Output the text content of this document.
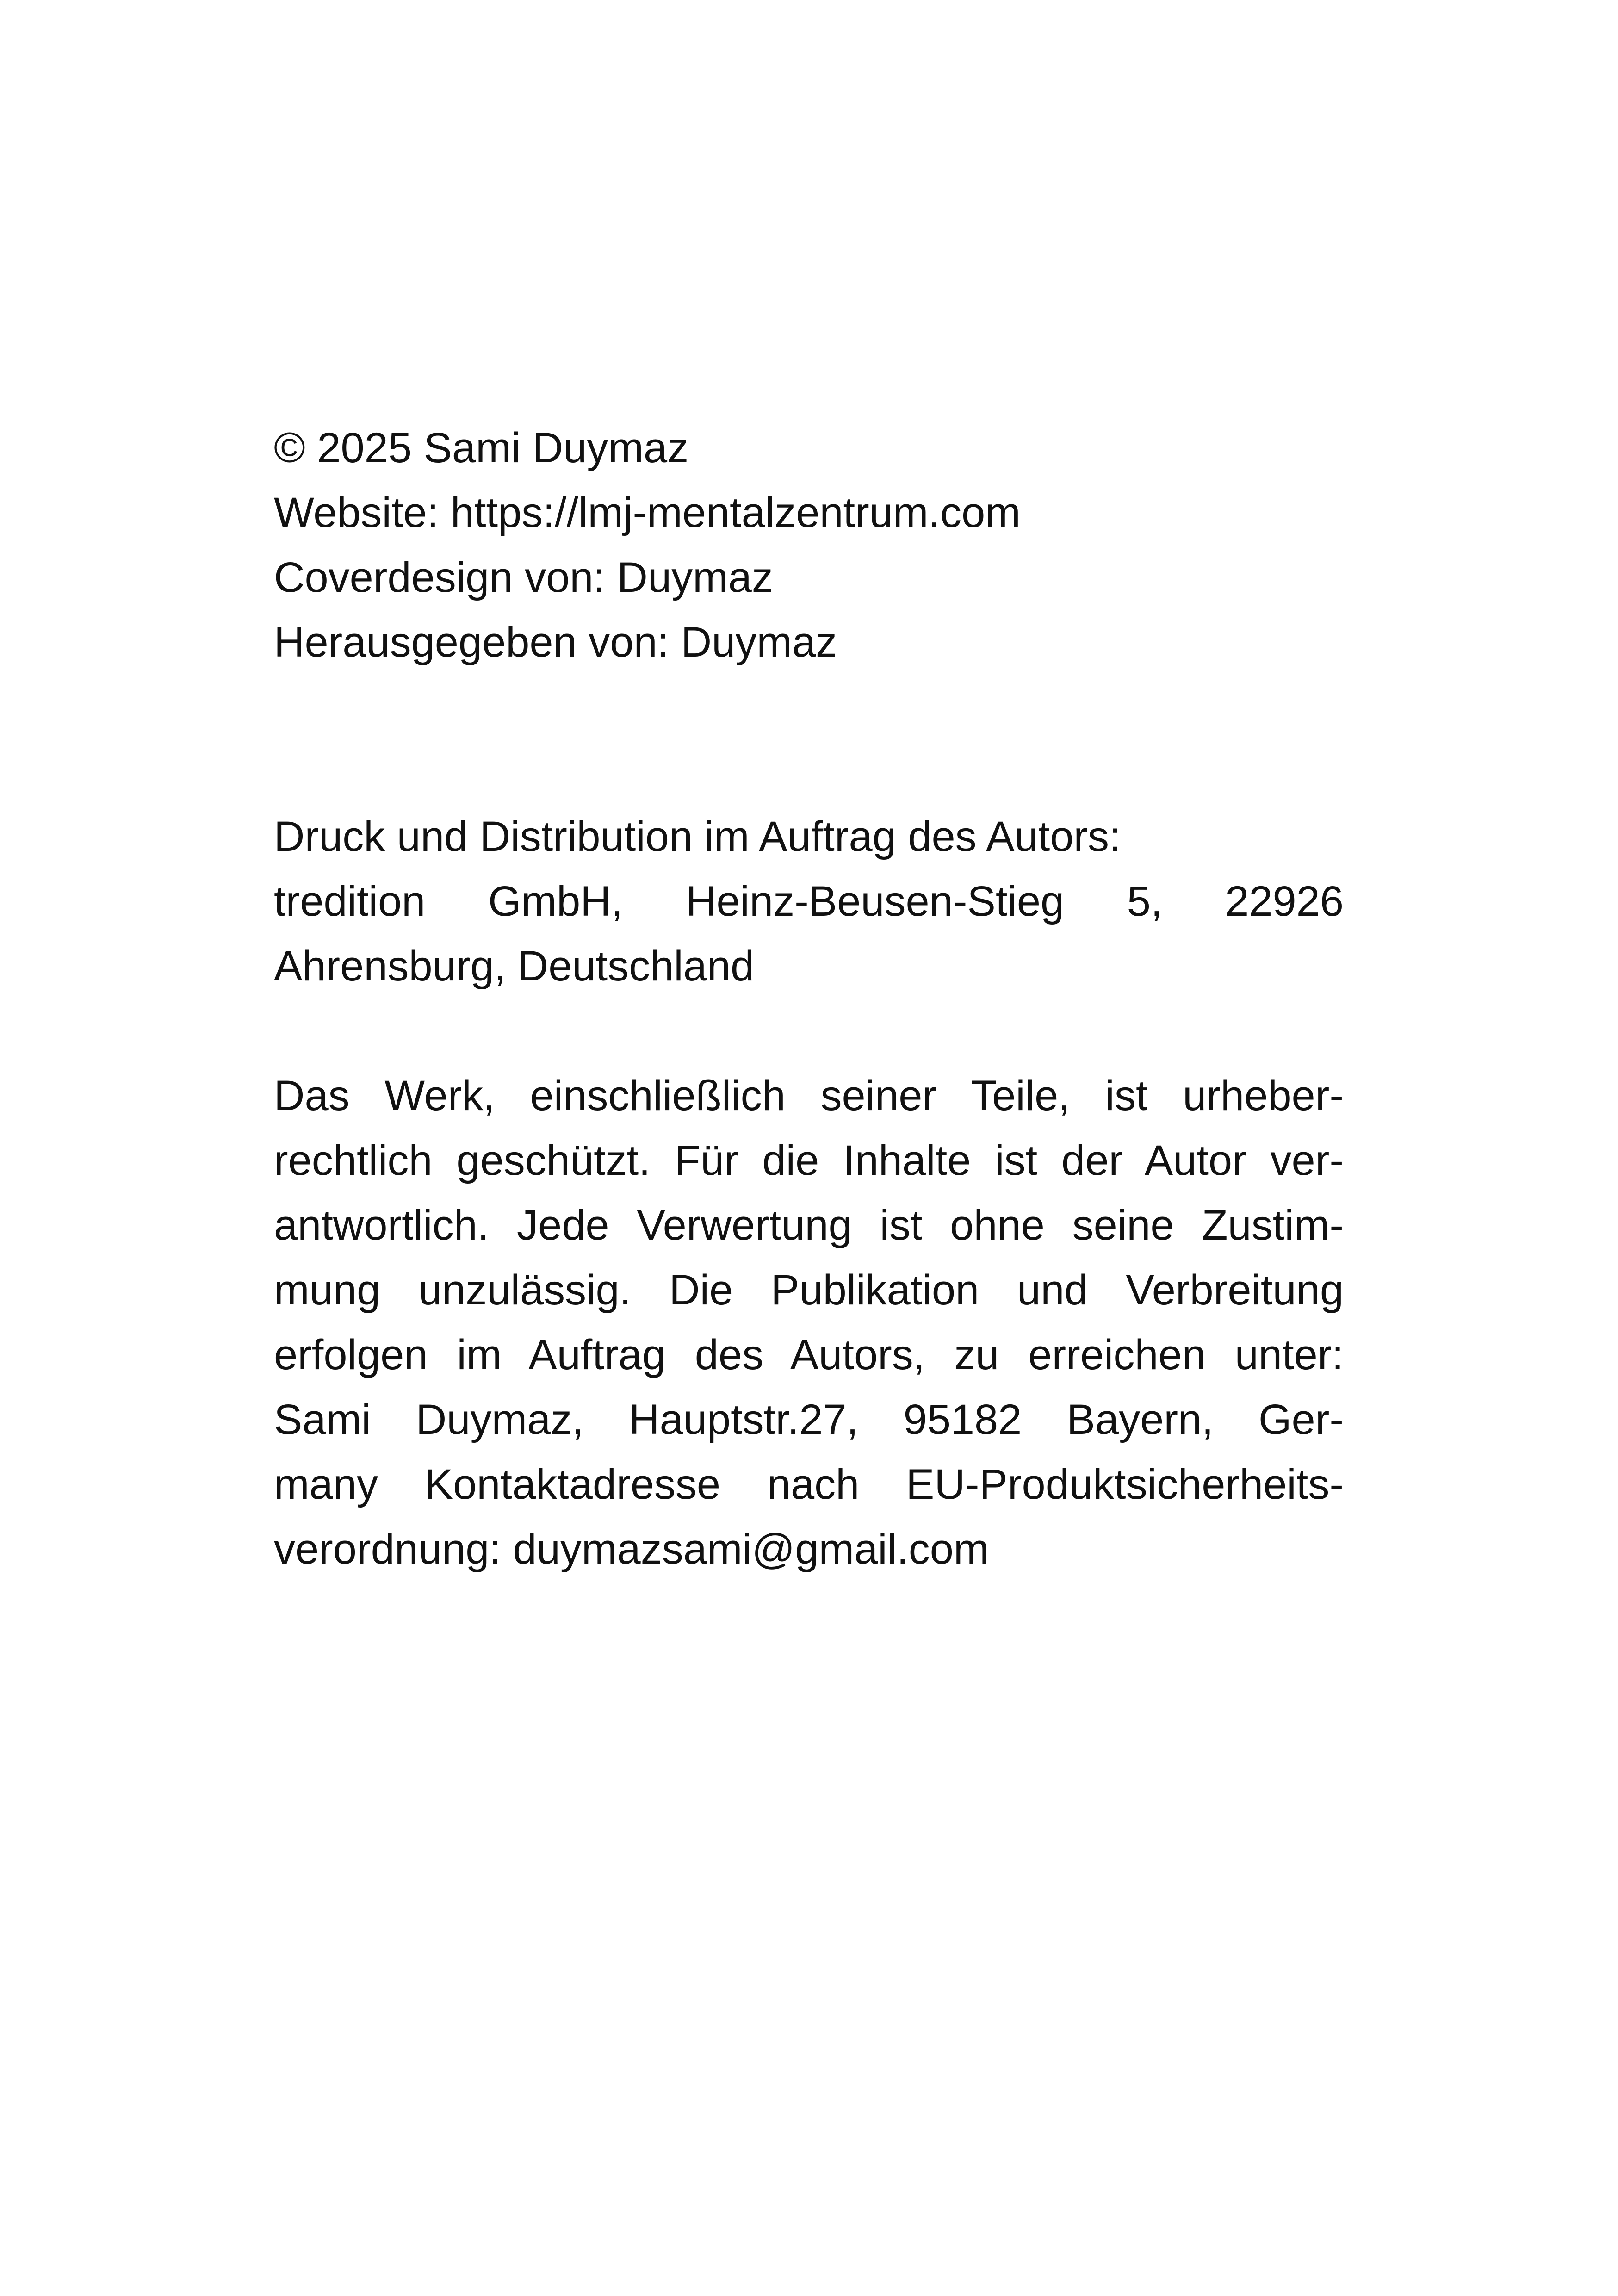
© 2025 Sami Duymaz
Website: https://lmj-mentalzentrum.com
Coverdesign von: Duymaz
Herausgegeben von: Duymaz
Druck und Distribution im Auftrag des Autors:
tredition GmbH, Heinz-Beusen-Stieg 5, 22926
Ahrensburg, Deutschland
Das Werk, einschließlich seiner Teile, ist urheber-
rechtlich geschützt. Für die Inhalte ist der Autor ver-
antwortlich. Jede Verwertung ist ohne seine Zustim-
mung unzulässig. Die Publikation und Verbreitung
erfolgen im Auftrag des Autors, zu erreichen unter:
Sami Duymaz, Hauptstr.27, 95182 Bayern, Ger-
many Kontaktadresse nach EU-Produktsicherheits-
verordnung: duymazsami@gmail.com
